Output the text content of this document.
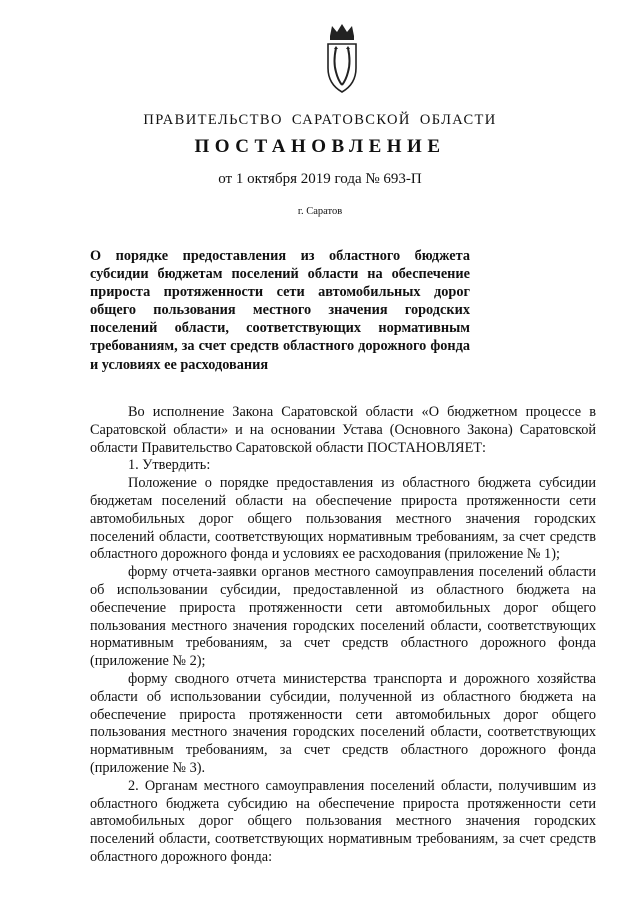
ПРАВИТЕЛЬСТВО САРАТОВСКОЙ ОБЛАСТИ
ПОСТАНОВЛЕНИЕ
от 1 октября 2019 года № 693-П
г. Саратов

О порядке предоставления из областного бюджета субсидии бюджетам поселений области на обеспечение прироста протяженности сети автомобильных дорог общего пользования местного значения городских поселений области, соответствующих нормативным требованиям, за счет средств областного дорожного фонда и условиях ее расходования

Во исполнение Закона Саратовской области «О бюджетном процессе в Саратовской области» и на основании Устава (Основного Закона) Саратовской области Правительство Саратовской области ПОСТАНОВЛЯЕТ:

1. Утвердить:

Положение о порядке предоставления из областного бюджета субсидии бюджетам поселений области на обеспечение прироста протяженности сети автомобильных дорог общего пользования местного значения городских поселений области, соответствующих нормативным требованиям, за счет средств областного дорожного фонда и условиях ее расходования (приложение № 1);

форму отчета-заявки органов местного самоуправления поселений области об использовании субсидии, предоставленной из областного бюджета на обеспечение прироста протяженности сети автомобильных дорог общего пользования местного значения городских поселений области, соответствующих нормативным требованиям, за счет средств областного дорожного фонда (приложение № 2);

форму сводного отчета министерства транспорта и дорожного хозяйства области об использовании субсидии, полученной из областного бюджета на обеспечение прироста протяженности сети автомобильных дорог общего пользования местного значения городских поселений области, соответствующих нормативным требованиям, за счет средств областного дорожного фонда (приложение № 3).

2. Органам местного самоуправления поселений области, получившим из областного бюджета субсидию на обеспечение прироста протяженности сети автомобильных дорог общего пользования местного значения городских поселений области, соответствующих нормативным требованиям, за счет средств областного дорожного фонда:
